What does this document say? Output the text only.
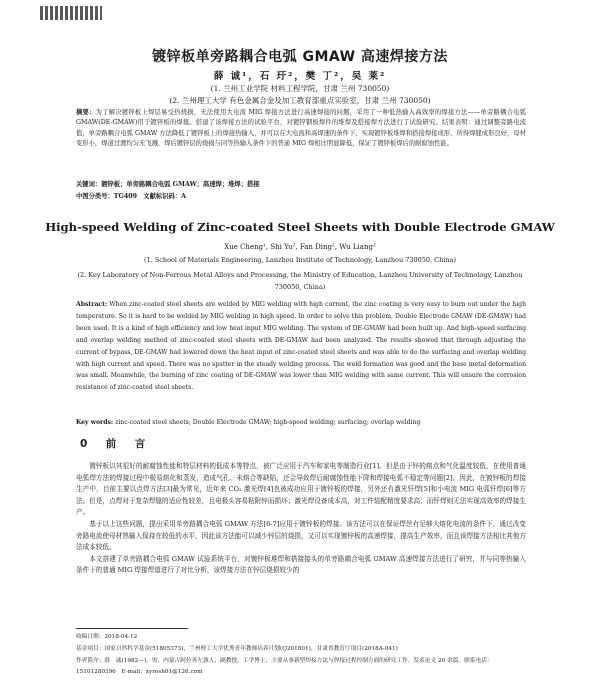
镀锌板单旁路耦合电弧 GMAW 高速焊接方法
薛 诚¹，石 玗²，樊 丁²，吴 莱²
(1. 兰州工业学院 材料工程学院，甘肃 兰州 730050)
(2. 兰州理工大学 有色金属合金及加工教育部重点实验室，甘肃 兰州 730050)
摘要：为了解决镀锌板上焊层易受热烧损，无法使用大电流 MIG 焊接方法进行高速焊接的问题，采用了一种低热输入高效率的焊接方法——单旁路耦合电弧 GMAW(DE-GMAW)用于镀锌板的焊接。搭建了该焊接方法的试验平台，对镀锌钢板焊件的堆焊及搭接焊方法进行了试验研究。结果表明：通过调整旁路电流值，单旁路耦合电弧 GMAW 方法降低了镀锌板上的焊接热输入，并可以在大电流和高焊速的条件下，实现镀锌板堆焊和搭接焊接成形，所得焊缝成形良好，母材变形小，焊道过渡均匀无飞溅，焊后镀锌层的烧损与同等热输入条件下的普通 MIG 焊相比明显降低，保证了镀锌板焊后的耐腐蚀性能。
关键词：镀锌板；单旁路耦合电弧 GMAW；高速焊；堆焊；搭接
中图分类号：TG409　文献标识码：A
High-speed Welding of Zinc-coated Steel Sheets with Double Electrode GMAW
Xue Cheng¹, Shi Yu², Fan Ding², Wu Liang²
(1. School of Materials Engineering, Lanzhou Institute of Technology, Lanzhou 730050, China)
(2. Key Laboratory of Non-Ferrous Metal Alloys and Processing, the Ministry of Education, Lanzhou University of Technology, Lanzhou 730050, China)
Abstract: When zinc-coated steel sheets are welded by MIG welding with high current, the zinc coating is very easy to burn out under the high temperature. So it is hard to be welded by MIG welding in high speed. In order to solve this problem, Double Electrode GMAW (DE-GMAW) had been used. It is a kind of high efficiency and low heat input MIG welding. The system of DE-GMAW had been built up. And high-speed surfacing and overlap welding method of zinc-coated steel sheets with DE-GMAW had been analyzed. The results showed that through adjusting the current of bypass, DE-GMAW had lowered down the heat input of zinc-coated steel sheets and was able to do the surfacing and overlap welding with high current and speed. There was no spatter in the steady welding process. The weld formation was good and the base metal deformation was small. Meanwhile, the burning of zinc coating of DE-GMAW was lower than MIG welding with same current. This will ensure the corrosion resistance of zinc-coated steel sheets.
Key words: zinc-coated steel sheets; Double Electrode GMAW; high-speed welding; surfacing; overlap welding
0　前　言

镀锌板以其很好的耐腐蚀性能和特层材料的低成本等特点，被广泛应用于汽车和家电等制造行业[1]。但是由于锌的熔点和气化温度较低，在使用普通电弧焊方法的焊接过程中极易熔化和蒸发，造成气孔、未熔合等缺陷，还会导致焊后耐腐蚀性能下降和焊接电弧不稳定等问题[2]。因此，在镀锌板的焊接生产中，目前主要以点焊方法[3]最为常见，近年来 CO₂ 激光焊[4]也被成功应用于镀锌板的焊接，另外还有激光钎焊[5]和小电流 MIG 电弧钎焊[6]等方法。但是，点焊对于复杂焊缝的适应性较差，且电极头容易粘附锌而损坏；激光焊设备成本高，对工件装配精度要求高；而钎焊则无法实现高效率的焊接生产。

基于以上这些问题，提出采用单旁路耦合电弧 GMAW 方法[6-7]应用于镀锌板的焊接。该方法可以在保证焊丝有足够大熔化电流的条件下，通过改变旁路电流使母材热输入保持在较低的水平，因此该方法能可以减少锌层的烧损，又可以实现镀锌板的高速焊接，提高生产效率，而且该焊接方法相比其他方法成本较低。

本文搭建了单旁路耦合电弧 GMAW 试验系统平台，对镀锌板堆焊和搭接接头的单旁路耦合电弧 GMAW 高速焊接方法进行了研究，并与同等热输入条件下的普通 MIG 焊接焊道进行了对比分析，该焊接方法在锌层烧损较少的

收稿日期：2018-04-12
基金项目：国家自然科学基金(51805373)，兰州理工大学优秀青年教师培养计划(Q201801)，甘肃省教育厅项目(2018A-041)
作者简介：薛　诚(1982—)，男，内蒙古阿拉善左旗人，副教授，工学博士，主要从事新型焊接方法与焊接过程控制方面的研究工作。发表论文 20 余篇。联系电话：
15101280396　E-mail：xyresh01@126.com
